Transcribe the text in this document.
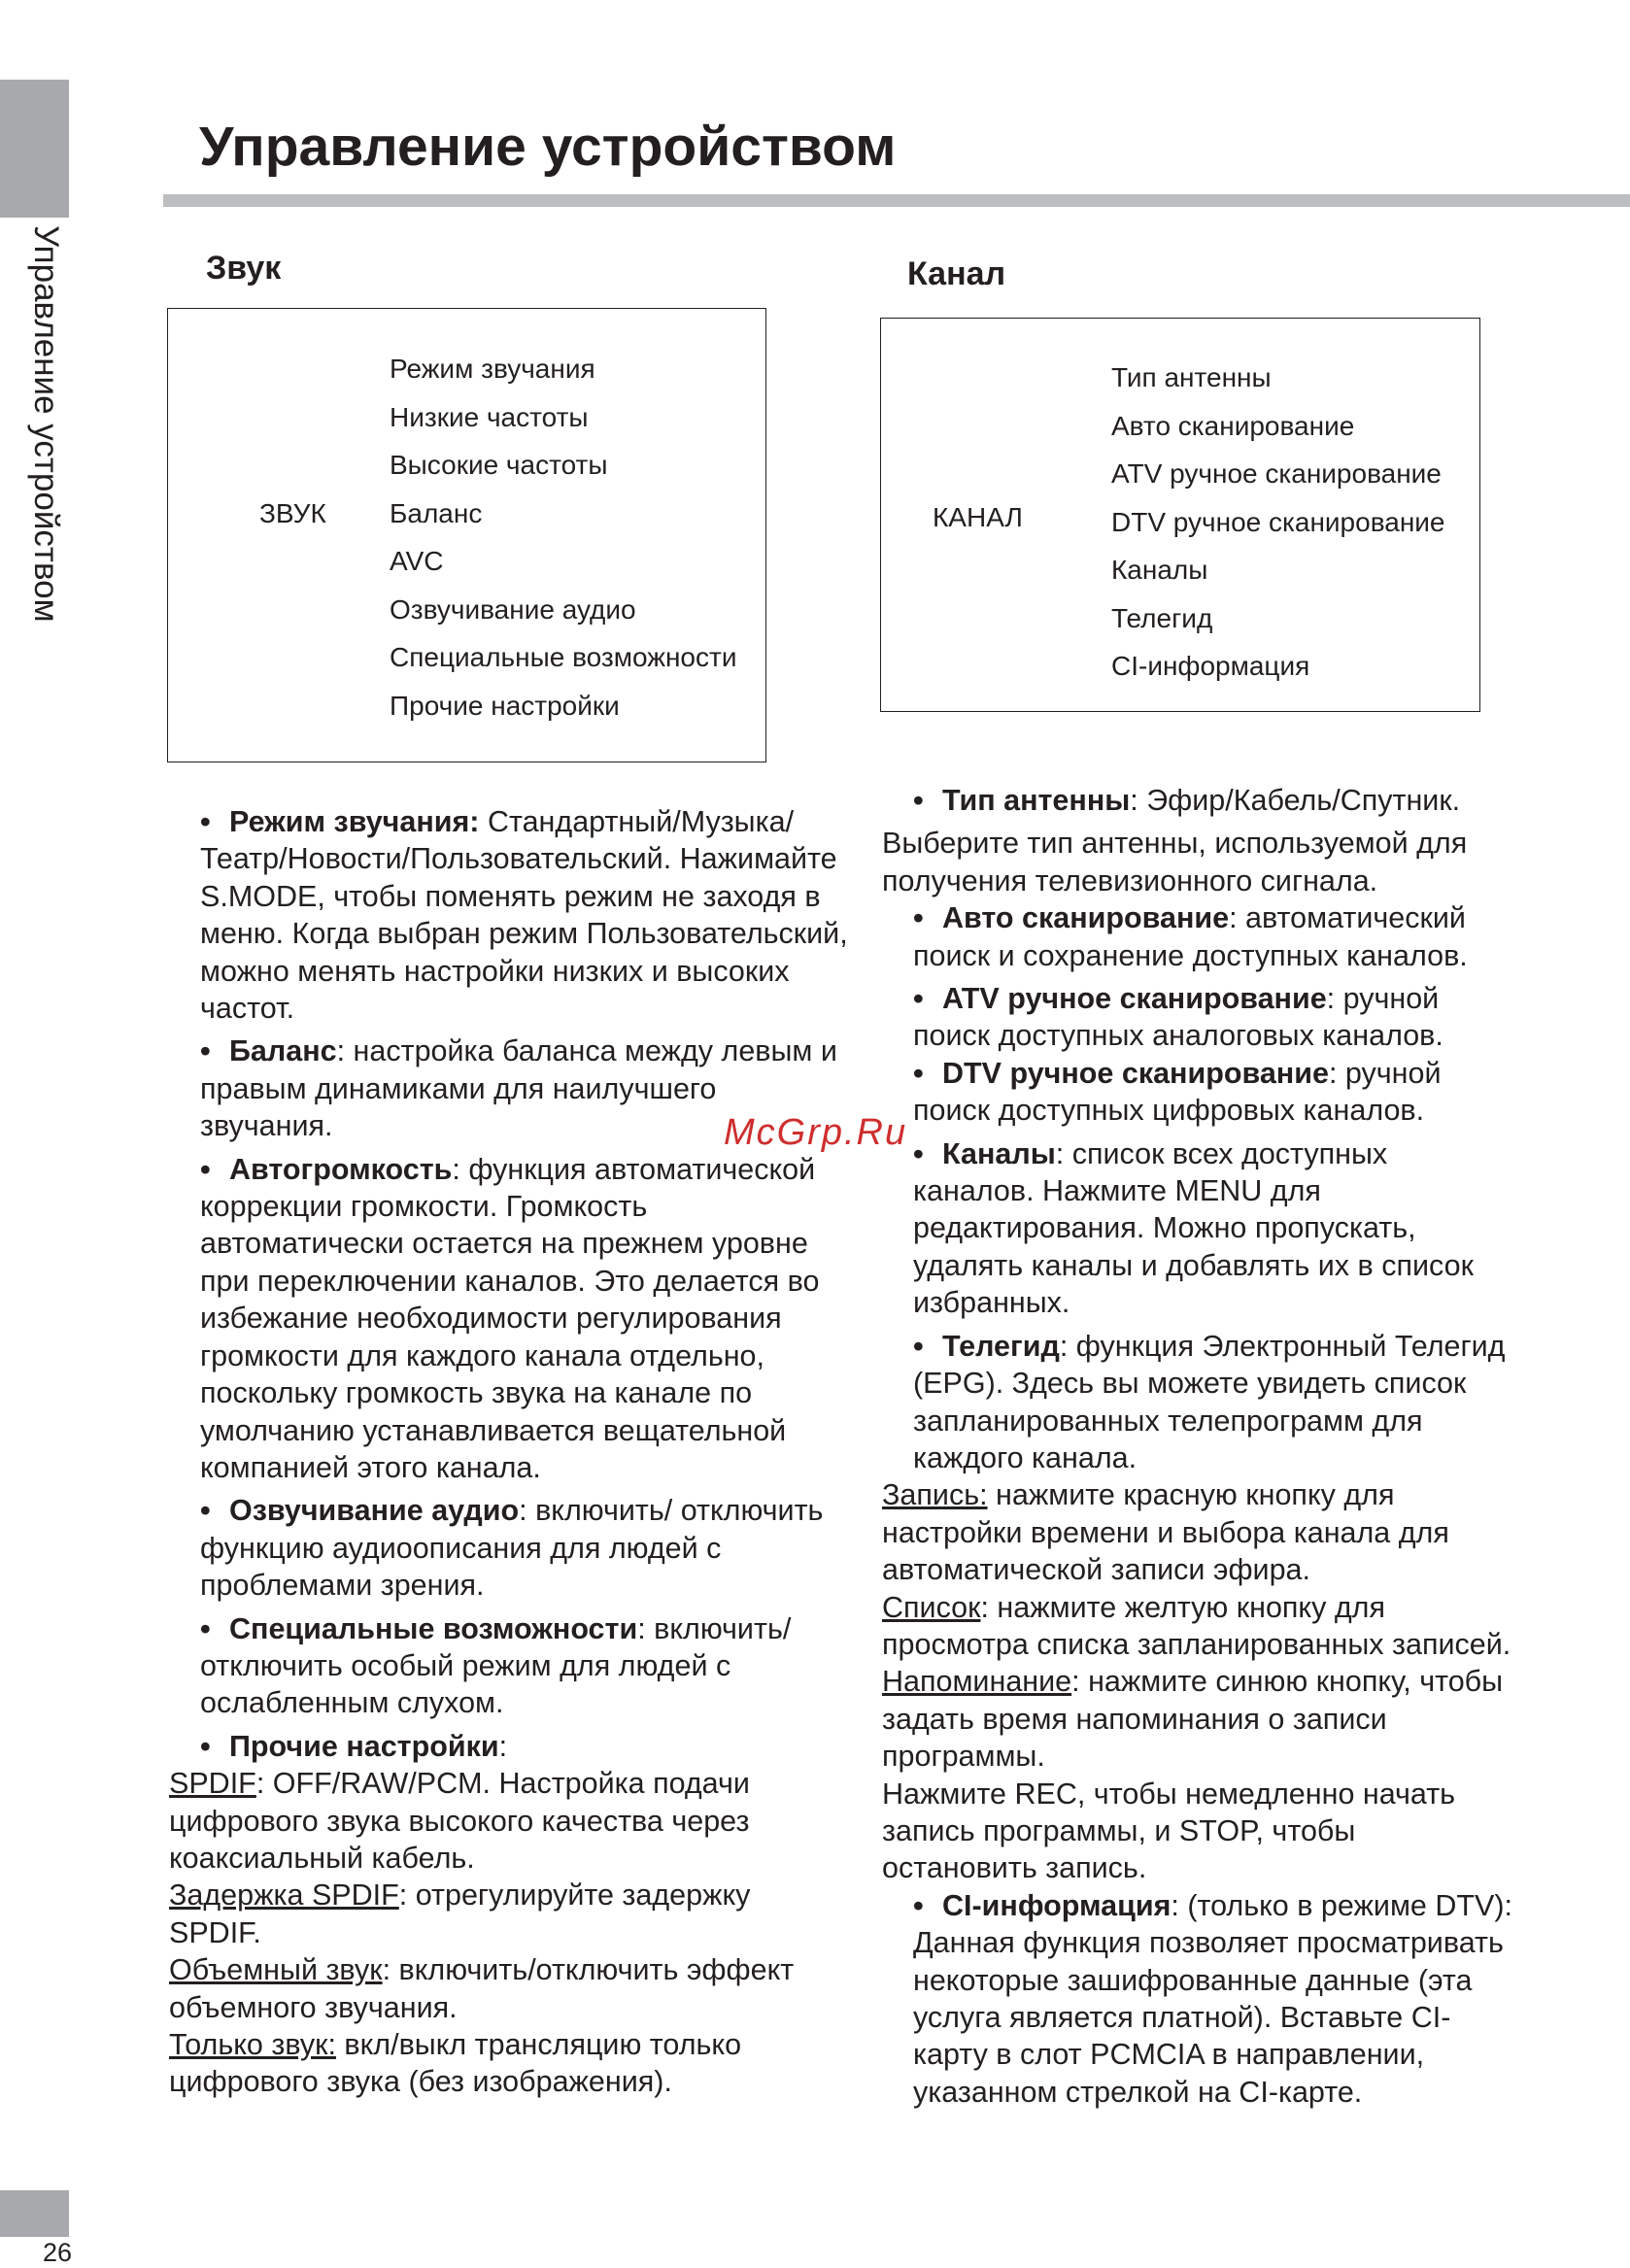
Управление устройством
26
Управление устройством
Звук
ЗВУК
Режим звучания
Низкие частоты
Высокие частоты
Баланс
AVC
Озвучивание аудио
Специальные возможности
Прочие настройки

• Режим звучания: Стандартный/Музыка/ Театр/Новости/Пользовательский. Нажимайте S.MODE, чтобы поменять режим не заходя в меню. Когда выбран режим Пользовательский, можно менять настройки низких и высоких частот.

• Баланс: настройка баланса между левым и правым динамиками для наилучшего звучания.

• Автогромкость: функция автоматической коррекции громкости. Громкость автоматически остается на прежнем уровне при переключении каналов. Это делается во избежание необходимости регулирования громкости для каждого канала отдельно, поскольку громкость звука на канале по умолчанию устанавливается вещательной компанией этого канала.

• Озвучивание аудио: включить/ отключить функцию аудиоописания для людей с проблемами зрения.

• Специальные возможности: включить/отключить особый режим для людей с ослабленным слухом.

• Прочие настройки:

SPDIF: OFF/RAW/PCM. Настройка подачи цифрового звука высокого качества через коаксиальный кабель.

Задержка SPDIF: отрегулируйте задержку SPDIF.

Объемный звук: включить/отключить эффект объемного звучания.

Только звук: вкл/выкл трансляцию только цифрового звука (без изображения).

Канал
КАНАЛ
Тип антенны
Авто сканирование
ATV ручное сканирование
DTV ручное сканирование
Каналы
Телегид
CI-информация

• Тип антенны: Эфир/Кабель/Спутник.

Выберите тип антенны, используемой для получения телевизионного сигнала.

• Авто сканирование: автоматический поиск и сохранение доступных каналов.

• ATV ручное сканирование: ручной поиск доступных аналоговых каналов.

• DTV ручное сканирование: ручной поиск доступных цифровых каналов.

• Каналы: список всех доступных каналов. Нажмите MENU для редактирования. Можно пропускать, удалять каналы и добавлять их в список избранных.

• Телегид: функция Электронный Телегид (EPG). Здесь вы можете увидеть список запланированных телепрограмм для каждого канала.

Запись: нажмите красную кнопку для настройки времени и выбора канала для автоматической записи эфира.

Список: нажмите желтую кнопку для просмотра списка запланированных записей.

Напоминание: нажмите синюю кнопку, чтобы задать время напоминания о записи программы.

Нажмите REC, чтобы немедленно начать запись программы, и STOP, чтобы остановить запись.

• CI-информация: (только в режиме DTV): Данная функция позволяет просматривать некоторые зашифрованные данные (эта услуга является платной). Вставьте CI-карту в слот PCMCIA в направлении, указанном стрелкой на CI-карте.

McGrp.Ru
